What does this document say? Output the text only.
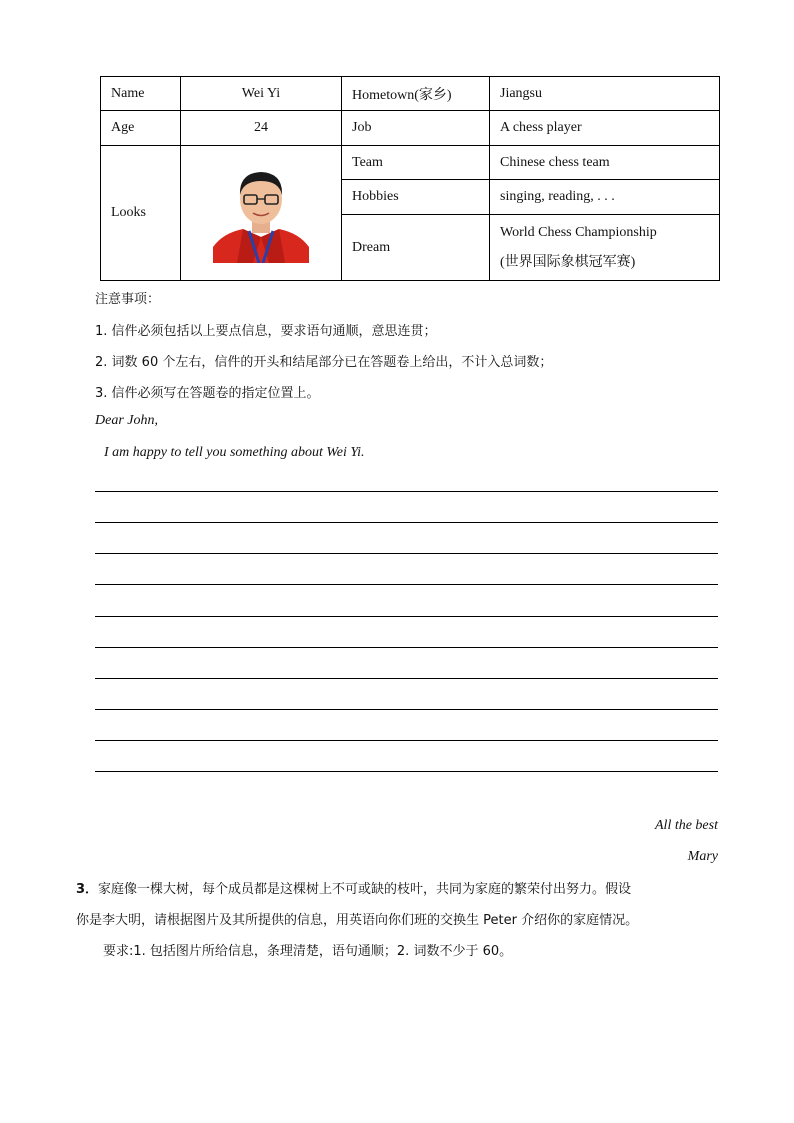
Name	Wei Yi	Hometown(家乡)	Jiangsu
Age	24	Job	A chess player
Looks		Team	Chinese chess team
		Hobbies	singing, reading, . . .
		Dream	World Chess Championship
(世界国际象棋冠军赛)
注意事项：
1. 信件必须包括以上要点信息，要求语句通顺，意思连贯；
2. 词数 60 个左右，信件的开头和结尾部分已在答题卷上给出，不计入总词数；
3. 信件必须写在答题卷的指定位置上。
Dear John,
I am happy to tell you something about Wei Yi.
All the best
Mary
3．家庭像一棵大树，每个成员都是这棵树上不可或缺的枝叶，共同为家庭的繁荣付出努力。假设
你是李大明，请根据图片及其所提供的信息，用英语向你们班的交换生 Peter 介绍你的家庭情况。
要求:1. 包括图片所给信息，条理清楚，语句通顺；2. 词数不少于 60。
